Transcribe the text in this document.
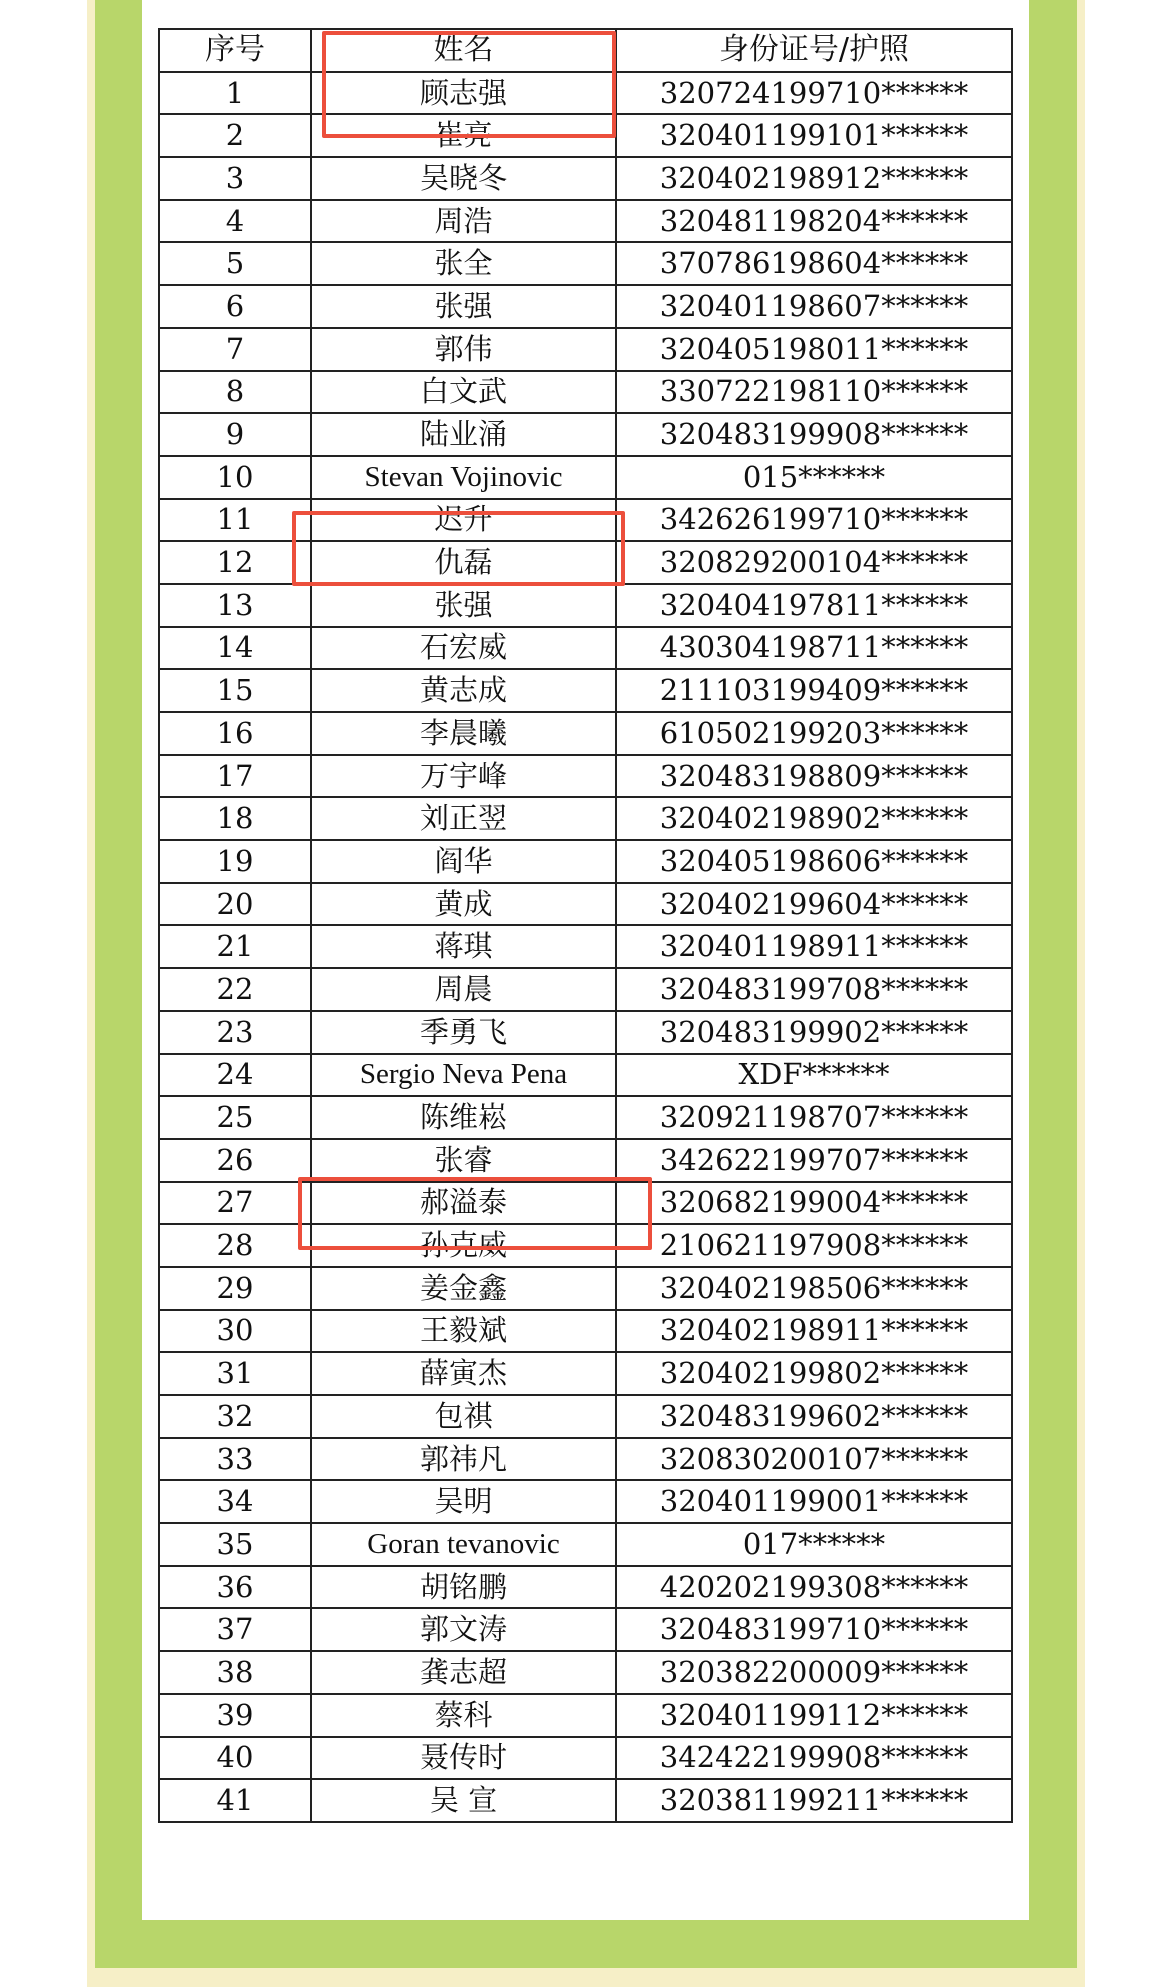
序号	姓名	身份证号/护照
1	顾志强	320724199710******
2	崔亮	320401199101******
3	吴晓冬	320402198912******
4	周浩	320481198204******
5	张全	370786198604******
6	张强	320401198607******
7	郭伟	320405198011******
8	白文武	330722198110******
9	陆业涌	320483199908******
10	Stevan Vojinovic	015******
11	迟升	342626199710******
12	仇磊	320829200104******
13	张强	320404197811******
14	石宏威	430304198711******
15	黄志成	211103199409******
16	李晨曦	610502199203******
17	万宇峰	320483198809******
18	刘正翌	320402198902******
19	阎华	320405198606******
20	黄成	320402199604******
21	蒋琪	320401198911******
22	周晨	320483199708******
23	季勇飞	320483199902******
24	Sergio Neva Pena	XDF******
25	陈维崧	320921198707******
26	张睿	342622199707******
27	郝溢泰	320682199004******
28	孙克威	210621197908******
29	姜金鑫	320402198506******
30	王毅斌	320402198911******
31	薛寅杰	320402199802******
32	包祺	320483199602******
33	郭祎凡	320830200107******
34	吴明	320401199001******
35	Goran tevanovic	017******
36	胡铭鹏	420202199308******
37	郭文涛	320483199710******
38	龚志超	320382200009******
39	蔡科	320401199112******
40	聂传时	342422199908******
41	吴 宣	320381199211******
